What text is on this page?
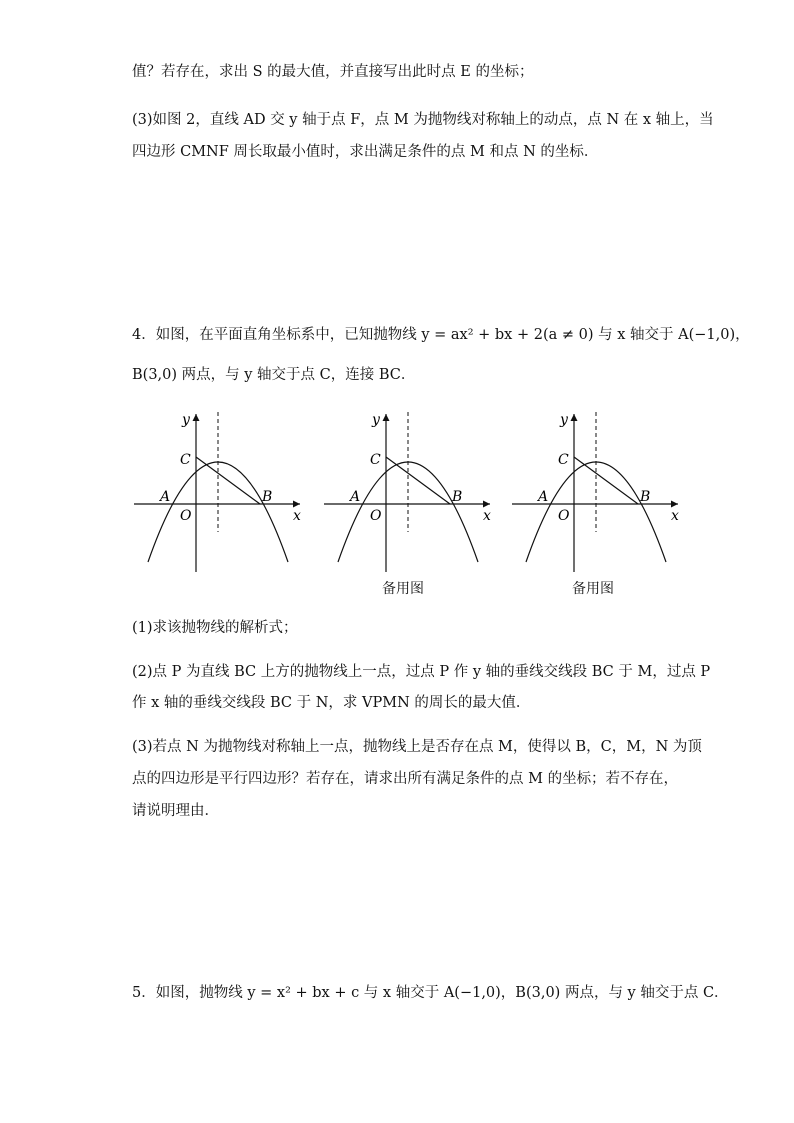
值？若存在，求出 S 的最大值，并直接写出此时点 E 的坐标；
(3)如图 2，直线 AD 交 y 轴于点 F，点 M 为抛物线对称轴上的动点，点 N 在 x 轴上，当
四边形 CMNF 周长取最小值时，求出满足条件的点 M 和点 N 的坐标．
4．如图，在平面直角坐标系中，已知抛物线 y = ax² + bx + 2(a ≠ 0) 与 x 轴交于 A(−1,0)，
B(3,0) 两点，与 y 轴交于点 C，连接 BC．
y
x
C
A	B
O
y
x
C
A	B
O
备用图
y
x
C
A	B
O
备用图
(1)求该抛物线的解析式；
(2)点 P 为直线 BC 上方的抛物线上一点，过点 P 作 y 轴的垂线交线段 BC 于 M，过点 P
作 x 轴的垂线交线段 BC 于 N，求 VPMN 的周长的最大值．
(3)若点 N 为抛物线对称轴上一点，抛物线上是否存在点 M，使得以 B，C，M，N 为顶
点的四边形是平行四边形？若存在，请求出所有满足条件的点 M 的坐标；若不存在，
请说明理由．
5．如图，抛物线 y = x² + bx + c 与 x 轴交于 A(−1,0)，B(3,0) 两点，与 y 轴交于点 C．
